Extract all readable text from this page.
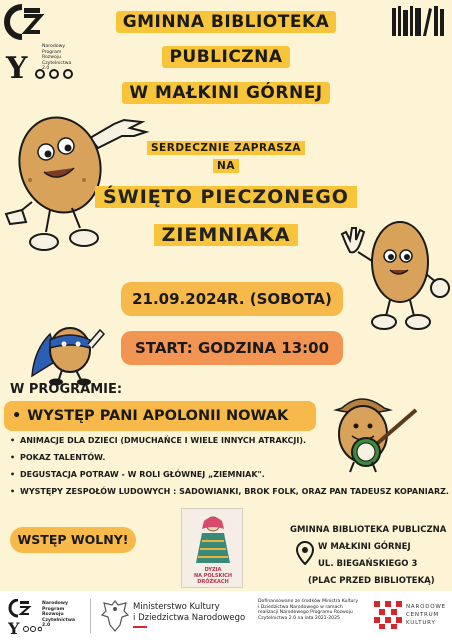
Y
Narodowy
Program
Rozwoju
Czytelnictwa
2.0
GMINNA BIBLIOTEKA
PUBLICZNA
W MAŁKINI GÓRNEJ
SERDECZNIE ZAPRASZA
NA
ŚWIĘTO PIECZONEGO
ZIEMNIAKA
21.09.2024R. (SOBOTA)
START: GODZINA 13:00
W PROGRAMIE:
• WYSTĘP PANI APOLONII NOWAK
• ANIMACJE DLA DZIECI (DMUCHAŃCE I WIELE INNYCH ATRAKCJI).
• POKAZ TALENTÓW.
• DEGUSTACJA POTRAW - W ROLI GŁÓWNEJ „ZIEMNIAK".
• WYSTĘPY ZESPOŁÓW LUDOWYCH : SADOWIANKI, BROK FOLK, ORAZ PAN TADEUSZ KOPANIARZ.
WSTĘP WOLNY!
DYZIA
NA POLSKICH
DRÓŻKACH
GMINNA BIBLIOTEKA PUBLICZNA
W MAŁKINI GÓRNEJ
UL. BIEGAŃSKIEGO 3
(PLAC PRZED BIBLIOTEKĄ)
Y
Narodowy
Program
Rozwoju
Czytelnictwa
2.0
Ministerstwo Kultury
i Dziedzictwa Narodowego
Dofinansowano ze środków Ministra Kultury
i Dziedzictwa Narodowego w ramach
realizacji Narodowego Programu Rozwoju
Czytelnictwa 2.0 na lata 2021-2025
NARODOWE
CENTRUM
KULTURY
